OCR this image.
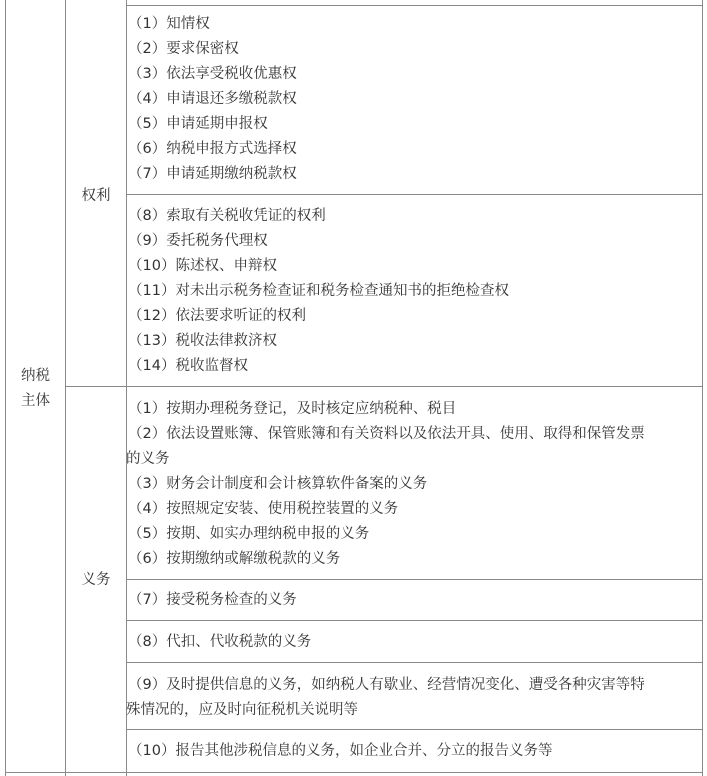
纳税
主体
权利
义务
（1）知情权
（2）要求保密权
（3）依法享受税收优惠权
（4）申请退还多缴税款权
（5）申请延期申报权
（6）纳税申报方式选择权
（7）申请延期缴纳税款权
（8）索取有关税收凭证的权利
（9）委托税务代理权
（10）陈述权、申辩权
（11）对未出示税务检查证和税务检查通知书的拒绝检查权
（12）依法要求听证的权利
（13）税收法律救济权
（14）税收监督权
（1）按期办理税务登记，及时核定应纳税种、税目
（2）依法设置账簿、保管账簿和有关资料以及依法开具、使用、取得和保管发票
的义务
（3）财务会计制度和会计核算软件备案的义务
（4）按照规定安装、使用税控装置的义务
（5）按期、如实办理纳税申报的义务
（6）按期缴纳或解缴税款的义务
（7）接受税务检查的义务
（8）代扣、代收税款的义务
（9）及时提供信息的义务，如纳税人有歇业、经营情况变化、遭受各种灾害等特
殊情况的，应及时向征税机关说明等
（10）报告其他涉税信息的义务，如企业合并、分立的报告义务等
